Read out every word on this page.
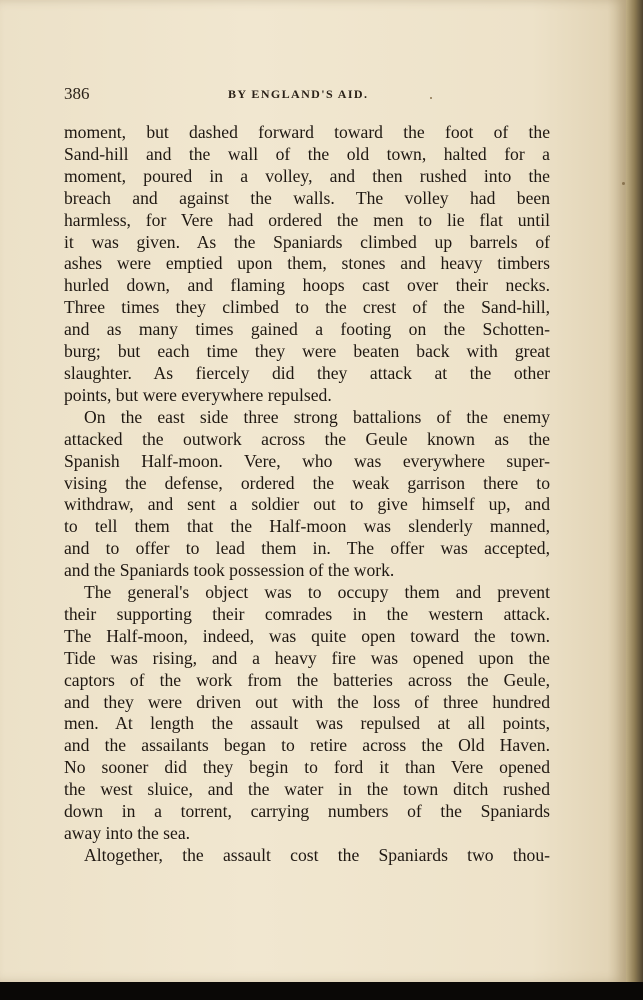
386	BY ENGLAND'S AID.
moment, but dashed forward toward the foot of the
Sand-hill and the wall of the old town, halted for a
moment, poured in a volley, and then rushed into the
breach and against the walls. The volley had been
harmless, for Vere had ordered the men to lie flat until
it was given. As the Spaniards climbed up barrels of
ashes were emptied upon them, stones and heavy timbers
hurled down, and flaming hoops cast over their necks.
Three times they climbed to the crest of the Sand-hill,
and as many times gained a footing on the Schotten-
burg; but each time they were beaten back with great
slaughter. As fiercely did they attack at the other
points, but were everywhere repulsed.
On the east side three strong battalions of the enemy
attacked the outwork across the Geule known as the
Spanish Half-moon. Vere, who was everywhere super-
vising the defense, ordered the weak garrison there to
withdraw, and sent a soldier out to give himself up, and
to tell them that the Half-moon was slenderly manned,
and to offer to lead them in. The offer was accepted,
and the Spaniards took possession of the work.
The general's object was to occupy them and prevent
their supporting their comrades in the western attack.
The Half-moon, indeed, was quite open toward the town.
Tide was rising, and a heavy fire was opened upon the
captors of the work from the batteries across the Geule,
and they were driven out with the loss of three hundred
men. At length the assault was repulsed at all points,
and the assailants began to retire across the Old Haven.
No sooner did they begin to ford it than Vere opened
the west sluice, and the water in the town ditch rushed
down in a torrent, carrying numbers of the Spaniards
away into the sea.
Altogether, the assault cost the Spaniards two thou-
